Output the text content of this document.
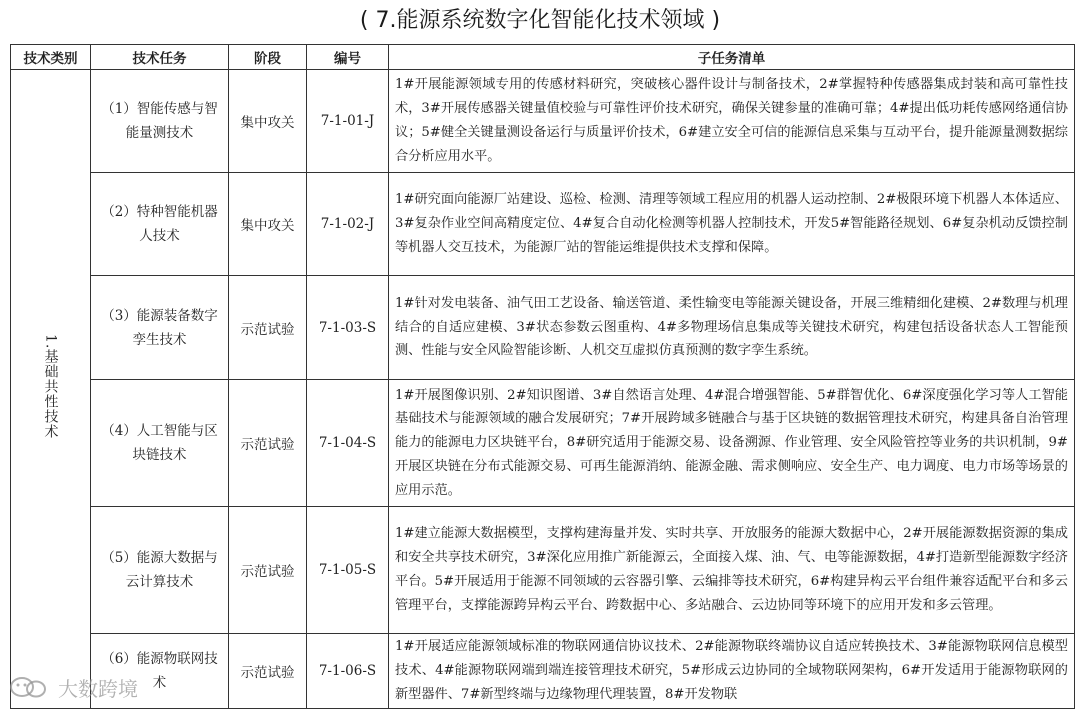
( 7.能源系统数字化智能化技术领域 )
技术类别	技术任务	阶段	编号	子任务清单
1.基础共性技术	（1）智能传感与智能量测技术	集中攻关	7-1-01-J	1#开展能源领域专用的传感材料研究，突破核心器件设计与制备技术，2#掌握特种传感器集成封装和高可靠性技术，3#开展传感器关键量值校验与可靠性评价技术研究，确保关键参量的准确可靠；4#提出低功耗传感网络通信协议；5#健全关键量测设备运行与质量评价技术，6#建立安全可信的能源信息采集与互动平台，提升能源量测数据综合分析应用水平。
	（2）特种智能机器人技术	集中攻关	7-1-02-J	1#研究面向能源厂站建设、巡检、检测、清理等领域工程应用的机器人运动控制、2#极限环境下机器人本体适应、3#复杂作业空间高精度定位、4#复合自动化检测等机器人控制技术，开发5#智能路径规划、6#复杂机动反馈控制等机器人交互技术，为能源厂站的智能运维提供技术支撑和保障。
	（3）能源装备数字孪生技术	示范试验	7-1-03-S	1#针对发电装备、油气田工艺设备、输送管道、柔性输变电等能源关键设备，开展三维精细化建模、2#数理与机理结合的自适应建模、3#状态参数云图重构、4#多物理场信息集成等关键技术研究，构建包括设备状态人工智能预测、性能与安全风险智能诊断、人机交互虚拟仿真预测的数字孪生系统。
	（4）人工智能与区块链技术	示范试验	7-1-04-S	1#开展图像识别、2#知识图谱、3#自然语言处理、4#混合增强智能、5#群智优化、6#深度强化学习等人工智能基础技术与能源领域的融合发展研究；7#开展跨域多链融合与基于区块链的数据管理技术研究，构建具备自治管理能力的能源电力区块链平台，8#研究适用于能源交易、设备溯源、作业管理、安全风险管控等业务的共识机制，9#开展区块链在分布式能源交易、可再生能源消纳、能源金融、需求侧响应、安全生产、电力调度、电力市场等场景的应用示范。
	（5）能源大数据与云计算技术	示范试验	7-1-05-S	1#建立能源大数据模型，支撑构建海量并发、实时共享、开放服务的能源大数据中心，2#开展能源数据资源的集成和安全共享技术研究，3#深化应用推广新能源云，全面接入煤、油、气、电等能源数据，4#打造新型能源数字经济平台。5#开展适用于能源不同领域的云容器引擎、云编排等技术研究，6#构建异构云平台组件兼容适配平台和多云管理平台，支撑能源跨异构云平台、跨数据中心、多站融合、云边协同等环境下的应用开发和多云管理。
	（6）能源物联网技术	示范试验	7-1-06-S	1#开展适应能源领域标准的物联网通信协议技术、2#能源物联终端协议自适应转换技术、3#能源物联网信息模型技术、4#能源物联网端到端连接管理技术研究，5#形成云边协同的全域物联网架构，6#开发适用于能源物联网的新型器件、7#新型终端与边缘物理代理装置，8#开发物联
大数跨境
